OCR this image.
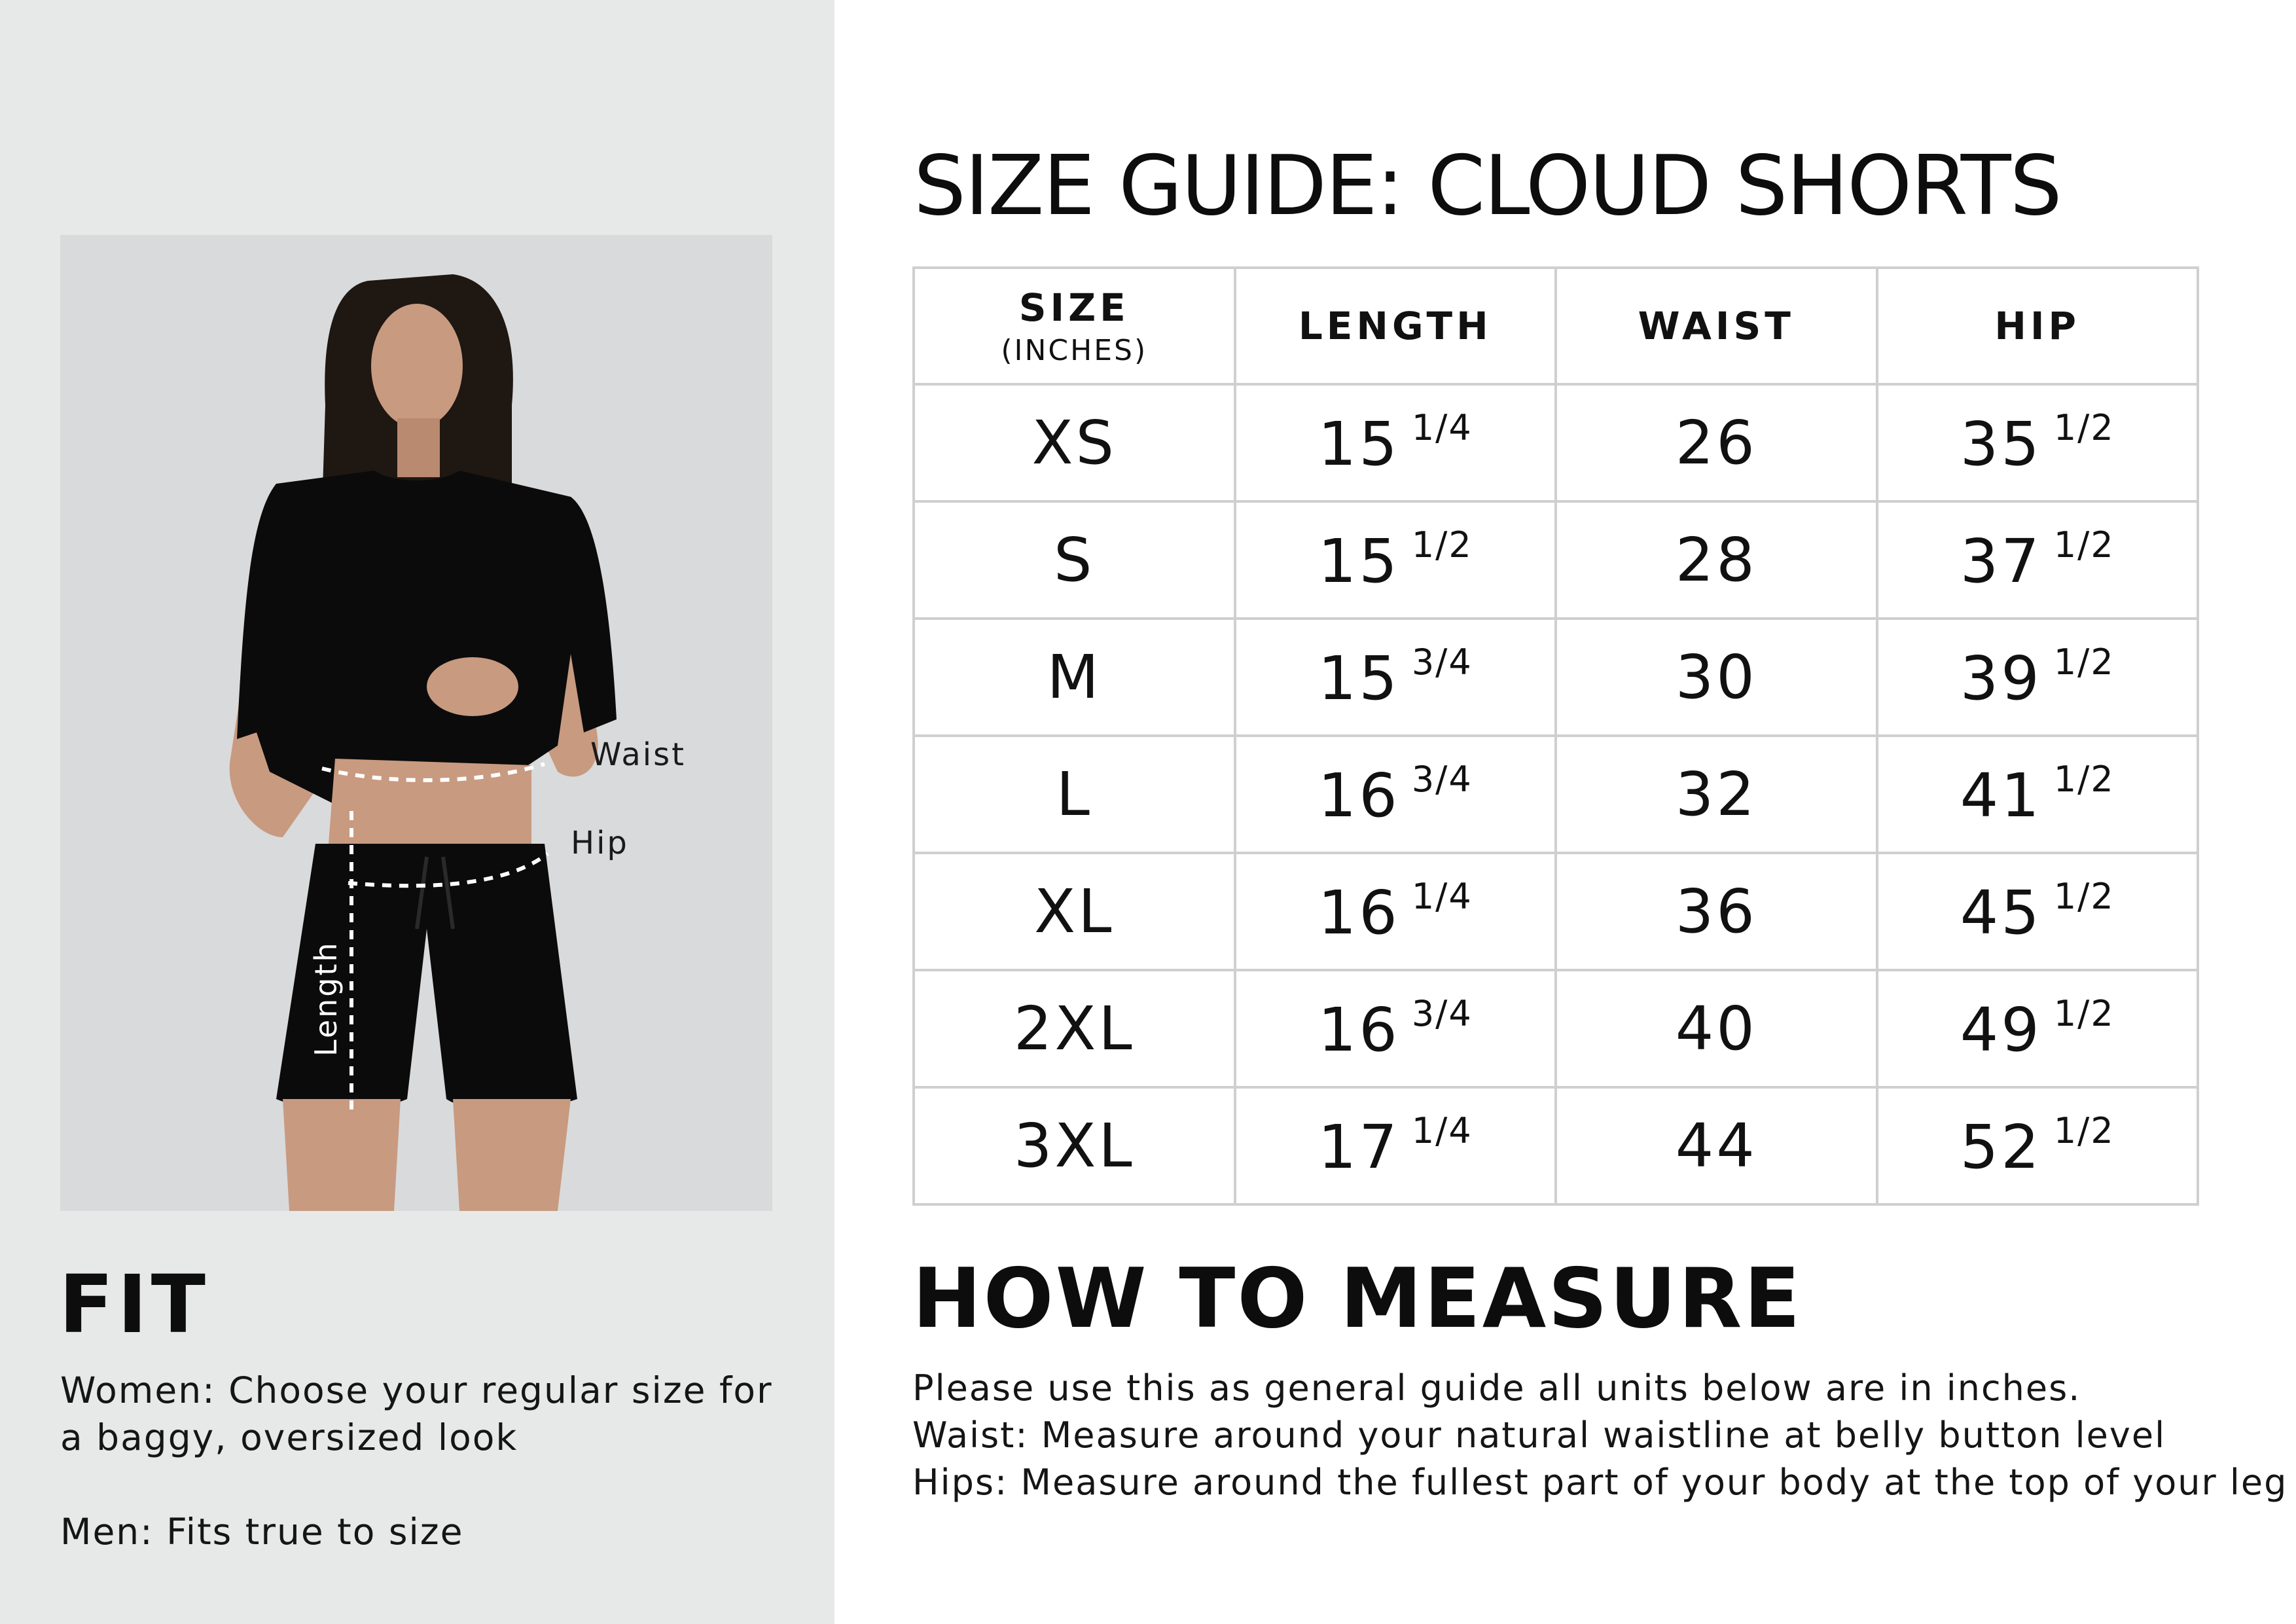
Waist
Hip
Length
FIT
Women: Choose your regular size for a baggy, oversized look
Men: Fits true to size
SIZE GUIDE: CLOUD SHORTS
SIZE
(INCHES)	LENGTH	WAIST	HIP
XS	15 $^{1/4}$	26	35 $^{1/2}$
S	15 $^{1/2}$	28	37 $^{1/2}$
M	15 $^{3/4}$	30	39 $^{1/2}$
L	16 $^{3/4}$	32	41 $^{1/2}$
XL	16 $^{1/4}$	36	45 $^{1/2}$
2XL	16 $^{3/4}$	40	49 $^{1/2}$
3XL	17 $^{1/4}$	44	52 $^{1/2}$
HOW TO MEASURE
Please use this as general guide all units below are in inches.
Waist: Measure around your natural waistline at belly button level
Hips: Measure around the fullest part of your body at the top of your leg
